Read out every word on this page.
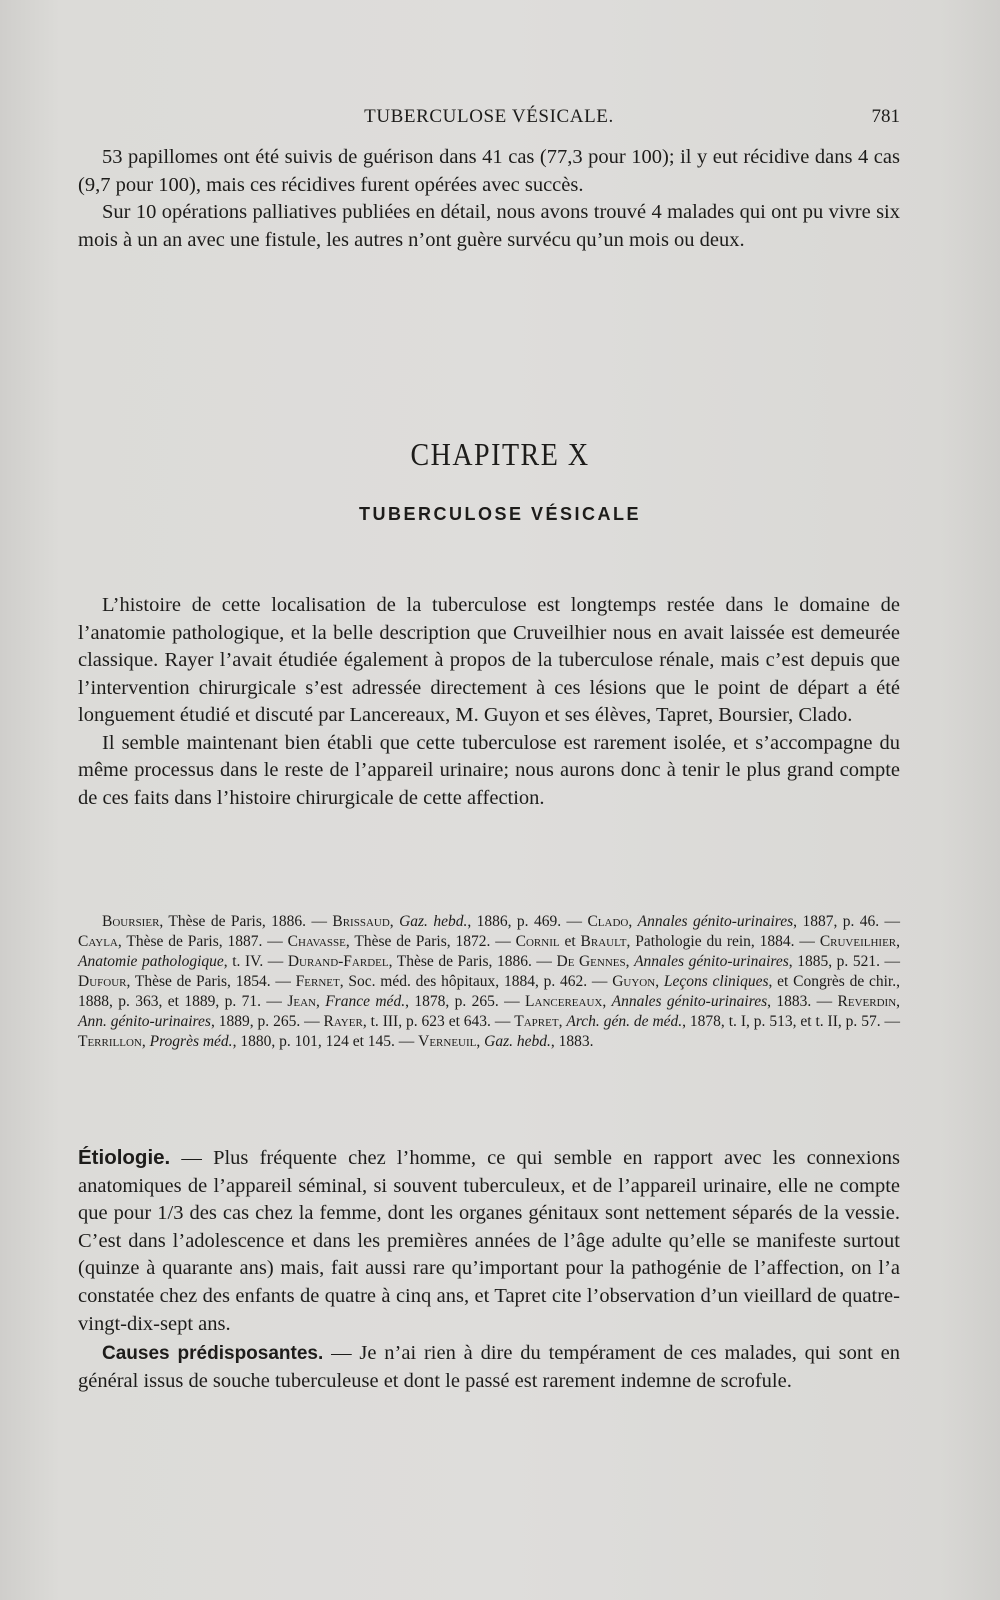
TUBERCULOSE VÉSICALE.	781

53 papillomes ont été suivis de guérison dans 41 cas (77,3 pour 100); il y eut récidive dans 4 cas (9,7 pour 100), mais ces récidives furent opérées avec succès.

Sur 10 opérations palliatives publiées en détail, nous avons trouvé 4 malades qui ont pu vivre six mois à un an avec une fistule, les autres n’ont guère survécu qu’un mois ou deux.

CHAPITRE X
TUBERCULOSE VÉSICALE

L’histoire de cette localisation de la tuberculose est longtemps restée dans le domaine de l’anatomie pathologique, et la belle description que Cruveilhier nous en avait laissée est demeurée classique. Rayer l’avait étudiée également à propos de la tuberculose rénale, mais c’est depuis que l’intervention chirurgicale s’est adressée directement à ces lésions que le point de départ a été longuement étudié et discuté par Lancereaux, M. Guyon et ses élèves, Tapret, Boursier, Clado.

Il semble maintenant bien établi que cette tuberculose est rarement isolée, et s’accompagne du même processus dans le reste de l’appareil urinaire; nous aurons donc à tenir le plus grand compte de ces faits dans l’histoire chirurgicale de cette affection.

Boursier, Thèse de Paris, 1886. — Brissaud, Gaz. hebd., 1886, p. 469. — Clado, Annales génito-urinaires, 1887, p. 46. — Cayla, Thèse de Paris, 1887. — Chavasse, Thèse de Paris, 1872. — Cornil et Brault, Pathologie du rein, 1884. — Cruveilhier, Anatomie pathologique, t. IV. — Durand-Fardel, Thèse de Paris, 1886. — De Gennes, Annales génito-urinaires, 1885, p. 521. — Dufour, Thèse de Paris, 1854. — Fernet, Soc. méd. des hôpitaux, 1884, p. 462. — Guyon, Leçons cliniques, et Congrès de chir., 1888, p. 363, et 1889, p. 71. — Jean, France méd., 1878, p. 265. — Lancereaux, Annales génito-urinaires, 1883. — Reverdin, Ann. génito-urinaires, 1889, p. 265. — Rayer, t. III, p. 623 et 643. — Tapret, Arch. gén. de méd., 1878, t. I, p. 513, et t. II, p. 57. — Terrillon, Progrès méd., 1880, p. 101, 124 et 145. — Verneuil, Gaz. hebd., 1883.

Étiologie. — Plus fréquente chez l’homme, ce qui semble en rapport avec les connexions anatomiques de l’appareil séminal, si souvent tuberculeux, et de l’appareil urinaire, elle ne compte que pour 1/3 des cas chez la femme, dont les organes génitaux sont nettement séparés de la vessie. C’est dans l’adolescence et dans les premières années de l’âge adulte qu’elle se manifeste surtout (quinze à quarante ans) mais, fait aussi rare qu’important pour la pathogénie de l’affection, on l’a constatée chez des enfants de quatre à cinq ans, et Tapret cite l’observation d’un vieillard de quatre-vingt-dix-sept ans.

Causes prédisposantes. — Je n’ai rien à dire du tempérament de ces malades, qui sont en général issus de souche tuberculeuse et dont le passé est rarement indemne de scrofule.
